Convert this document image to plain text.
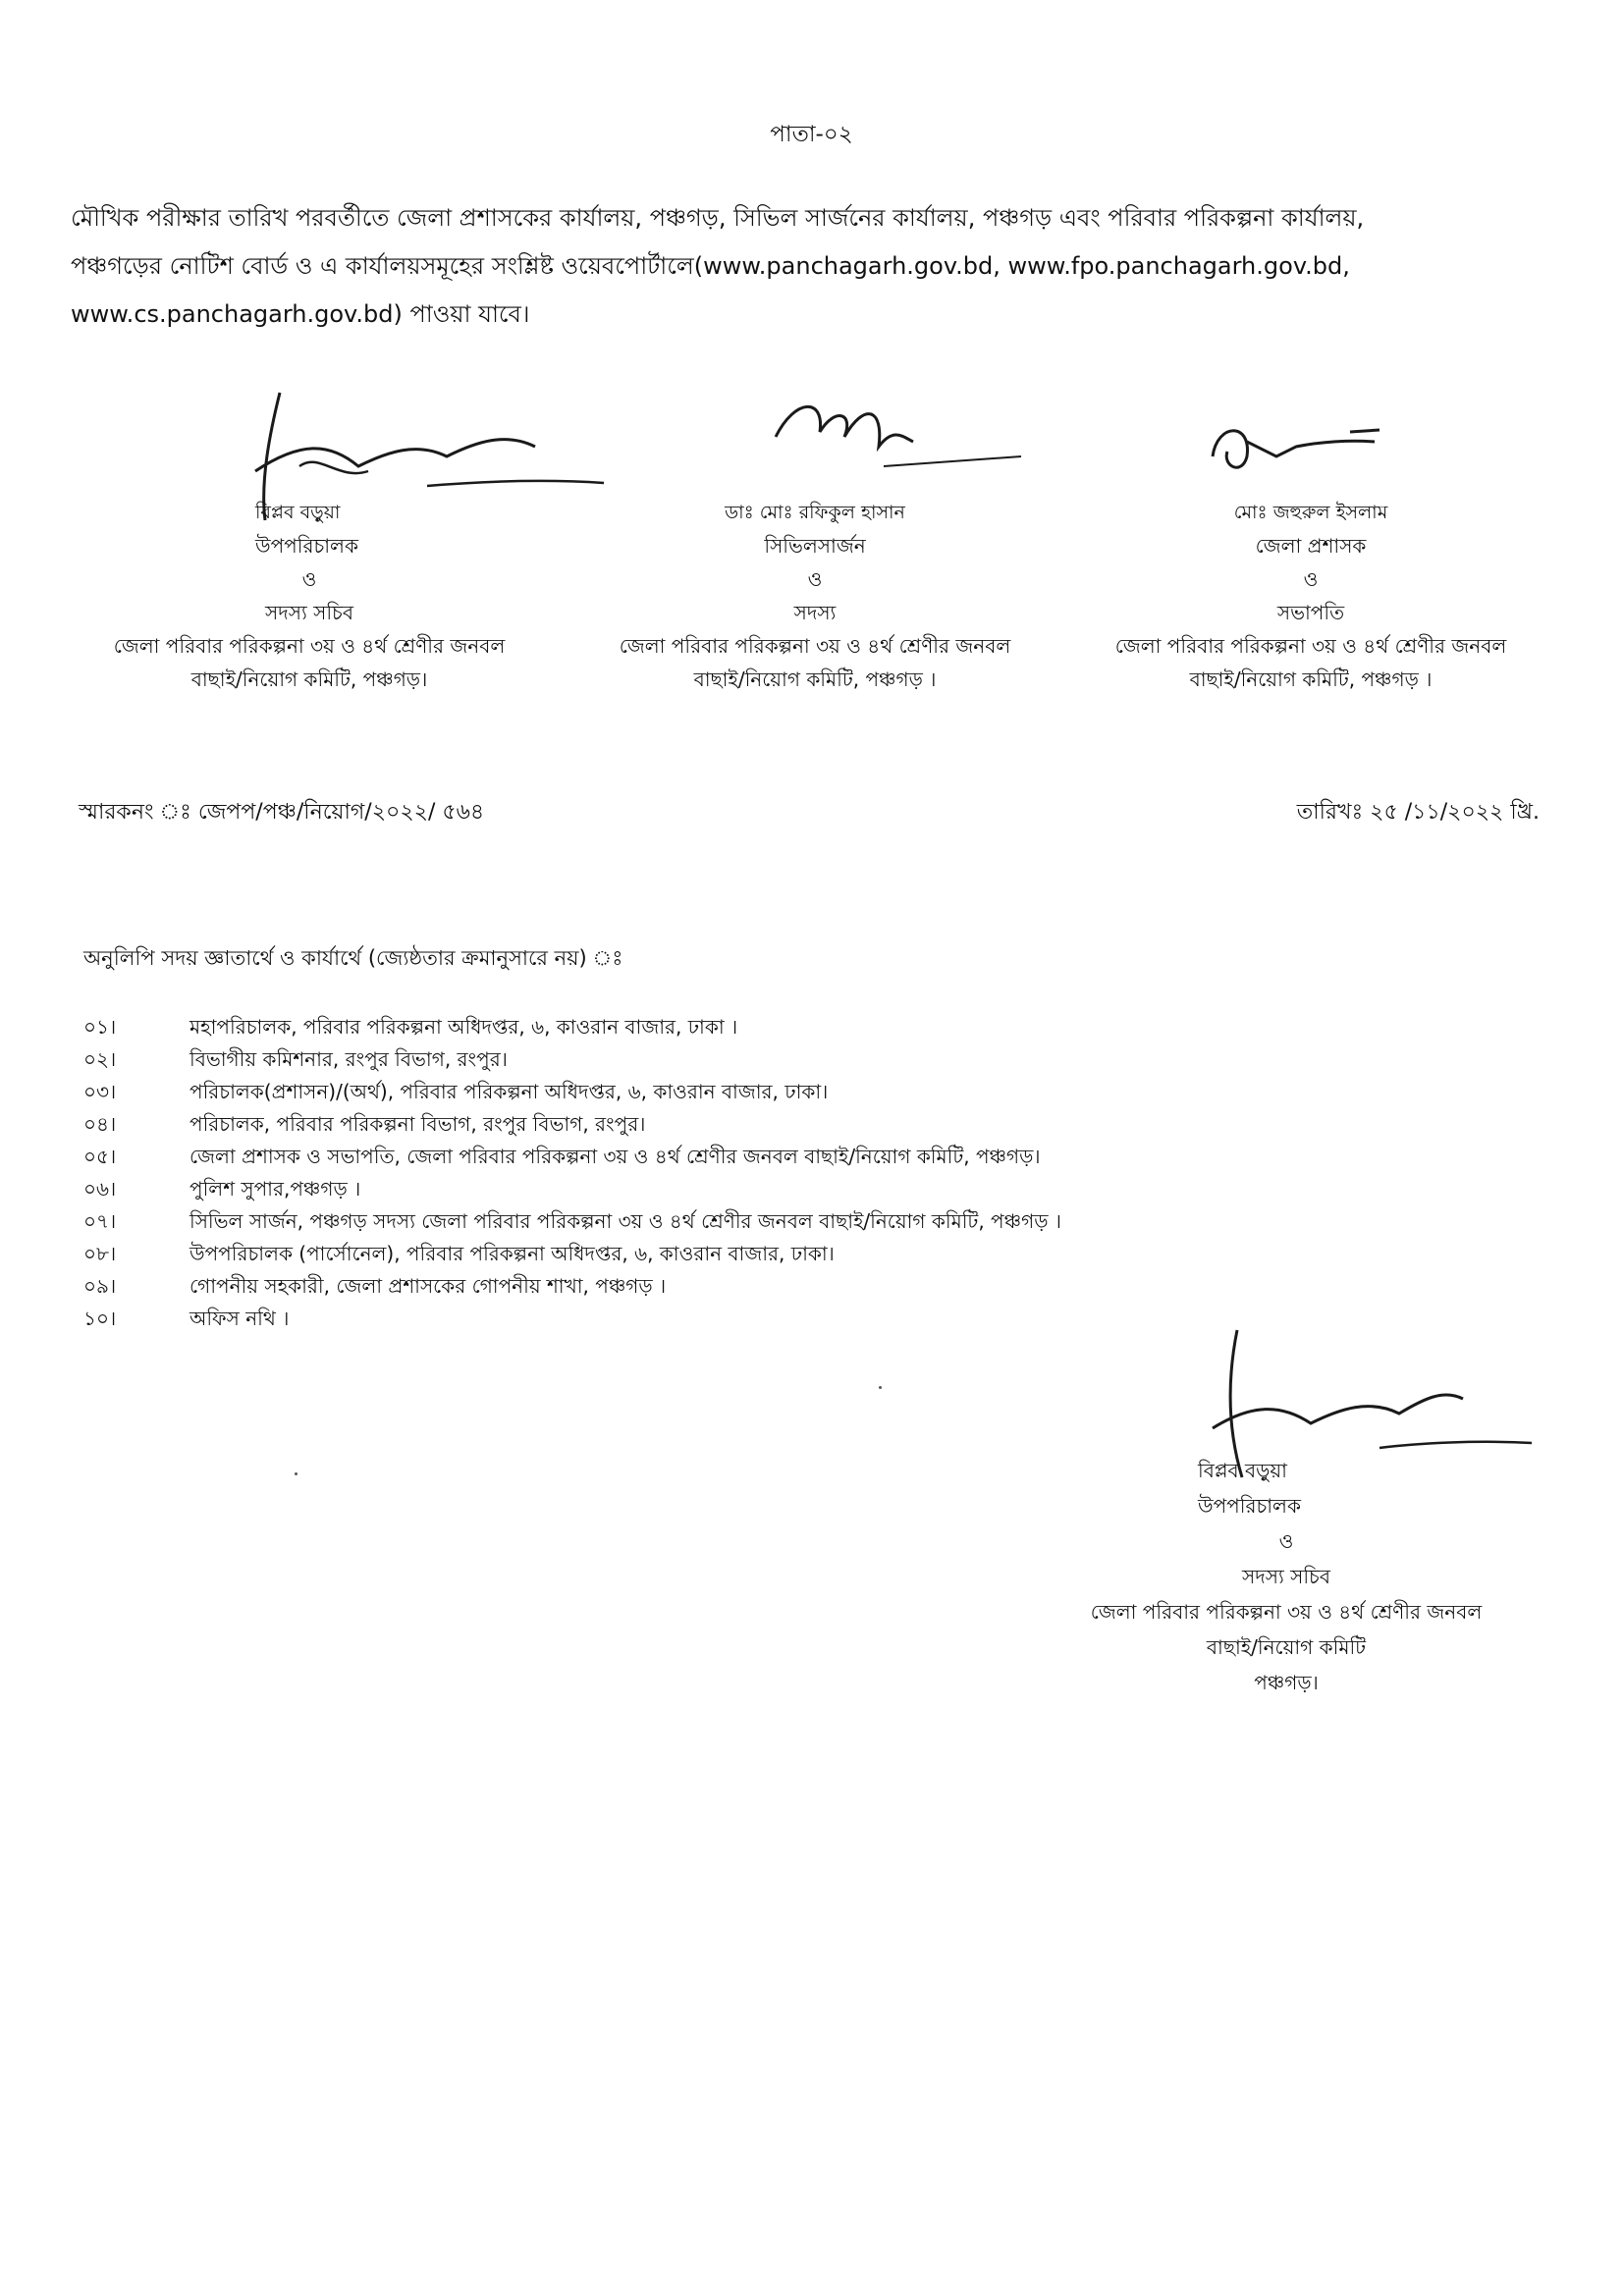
পাতা-০২
মৌখিক পরীক্ষার তারিখ পরবর্তীতে জেলা প্রশাসকের কার্যালয়, পঞ্চগড়, সিভিল সার্জনের কার্যালয়, পঞ্চগড় এবং পরিবার পরিকল্পনা কার্যালয়,
পঞ্চগড়ের নোটিশ বোর্ড ও এ কার্যালয়সমূহের সংশ্লিষ্ট ওয়েবপোর্টালে(www.panchagarh.gov.bd, www.fpo.panchagarh.gov.bd,
www.cs.panchagarh.gov.bd) পাওয়া যাবে।
বিপ্লব বড়ুয়া
উপপরিচালক
ও
সদস্য সচিব
জেলা পরিবার পরিকল্পনা ৩য় ও ৪র্থ শ্রেণীর জনবল
বাছাই/নিয়োগ কমিটি, পঞ্চগড়।
ডাঃ মোঃ রফিকুল হাসান
সিভিলসার্জন
ও
সদস্য
জেলা পরিবার পরিকল্পনা ৩য় ও ৪র্থ শ্রেণীর জনবল
বাছাই/নিয়োগ কমিটি, পঞ্চগড় ।
মোঃ জহুরুল ইসলাম
জেলা প্রশাসক
ও
সভাপতি
জেলা পরিবার পরিকল্পনা ৩য় ও ৪র্থ শ্রেণীর জনবল
বাছাই/নিয়োগ কমিটি, পঞ্চগড় ।
স্মারকনং ঃ জেপপ/পঞ্চ/নিয়োগ/২০২২/ ৫৬৪	তারিখঃ ২৫ /১১/২০২২ খ্রি.
অনুলিপি সদয় জ্ঞাতার্থে ও কার্যার্থে (জ্যেষ্ঠতার ক্রমানুসারে নয়) ঃ
০১।	মহাপরিচালক, পরিবার পরিকল্পনা অধিদপ্তর, ৬, কাওরান বাজার, ঢাকা ।
০২।	বিভাগীয় কমিশনার, রংপুর বিভাগ, রংপুর।
০৩।	পরিচালক(প্রশাসন)/(অর্থ), পরিবার পরিকল্পনা অধিদপ্তর, ৬, কাওরান বাজার, ঢাকা।
০৪।	পরিচালক, পরিবার পরিকল্পনা বিভাগ, রংপুর বিভাগ, রংপুর।
০৫।	জেলা প্রশাসক ও সভাপতি, জেলা পরিবার পরিকল্পনা ৩য় ও ৪র্থ শ্রেণীর জনবল বাছাই/নিয়োগ কমিটি, পঞ্চগড়।
০৬।	পুলিশ সুপার,পঞ্চগড় ।
০৭।	সিভিল সার্জন, পঞ্চগড় সদস্য জেলা পরিবার পরিকল্পনা ৩য় ও ৪র্থ শ্রেণীর জনবল বাছাই/নিয়োগ কমিটি, পঞ্চগড় ।
০৮।	উপপরিচালক (পার্সোনেল), পরিবার পরিকল্পনা অধিদপ্তর, ৬, কাওরান বাজার, ঢাকা।
০৯।	গোপনীয় সহকারী, জেলা প্রশাসকের গোপনীয় শাখা, পঞ্চগড় ।
১০।	অফিস নথি ।
বিপ্লব বড়ুয়া
উপপরিচালক
ও
সদস্য সচিব
জেলা পরিবার পরিকল্পনা ৩য় ও ৪র্থ শ্রেণীর জনবল
বাছাই/নিয়োগ কমিটি
পঞ্চগড়।
